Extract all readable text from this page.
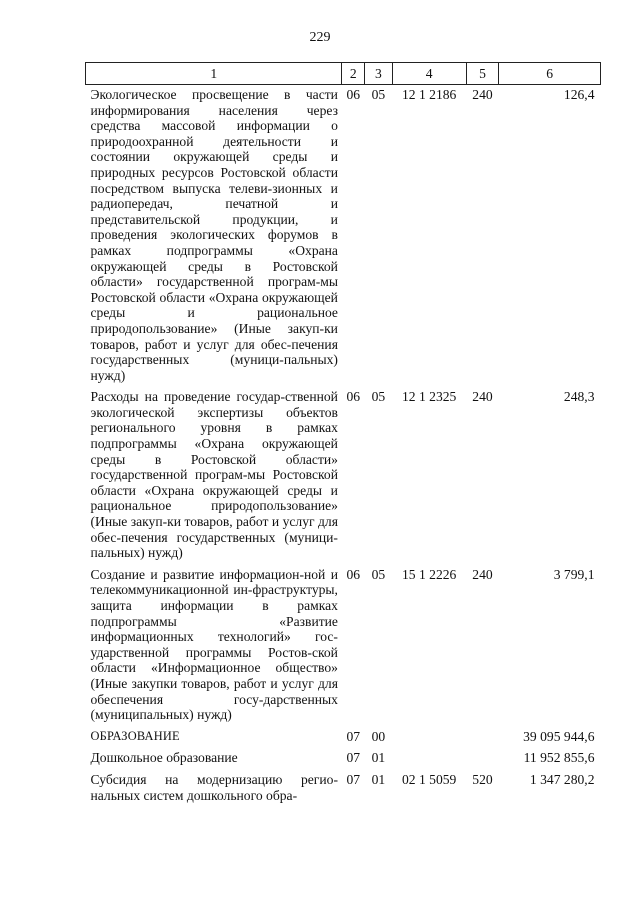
229
1	2	3	4	5	6
Экологическое просвещение в части информирования населения через средства массовой информации о природоохранной деятельности и состоянии окружающей среды и природных ресурсов Ростовской области посредством выпуска телеви-зионных и радиопередач, печатной и представительской продукции, и проведения экологических форумов в рамках подпрограммы «Охрана окружающей среды в Ростовской области» государственной програм-мы Ростовской области «Охрана окружающей среды и рациональное природопользование» (Иные закуп-ки товаров, работ и услуг для обес-печения государственных (муници-пальных) нужд)	06	05	12 1 2186	240	126,4
Расходы на проведение государ-ственной экологической экспертизы объектов регионального уровня в рамках подпрограммы «Охрана окружающей среды в Ростовской области» государственной програм-мы Ростовской области «Охрана окружающей среды и рациональное природопользование» (Иные закуп-ки товаров, работ и услуг для обес-печения государственных (муници-пальных) нужд)	06	05	12 1 2325	240	248,3
Создание и развитие информацион-ной и телекоммуникационной ин-фраструктуры, защита информации в рамках подпрограммы «Развитие информационных технологий» гос-ударственной программы Ростов-ской области «Информационное общество» (Иные закупки товаров, работ и услуг для обеспечения госу-дарственных (муниципальных) нужд)	06	05	15 1 2226	240	3 799,1
ОБРАЗОВАНИЕ	07	00			39 095 944,6
Дошкольное образование	07	01			11 952 855,6
Субсидия на модернизацию регио-нальных систем дошкольного обра-	07	01	02 1 5059	520	1 347 280,2
